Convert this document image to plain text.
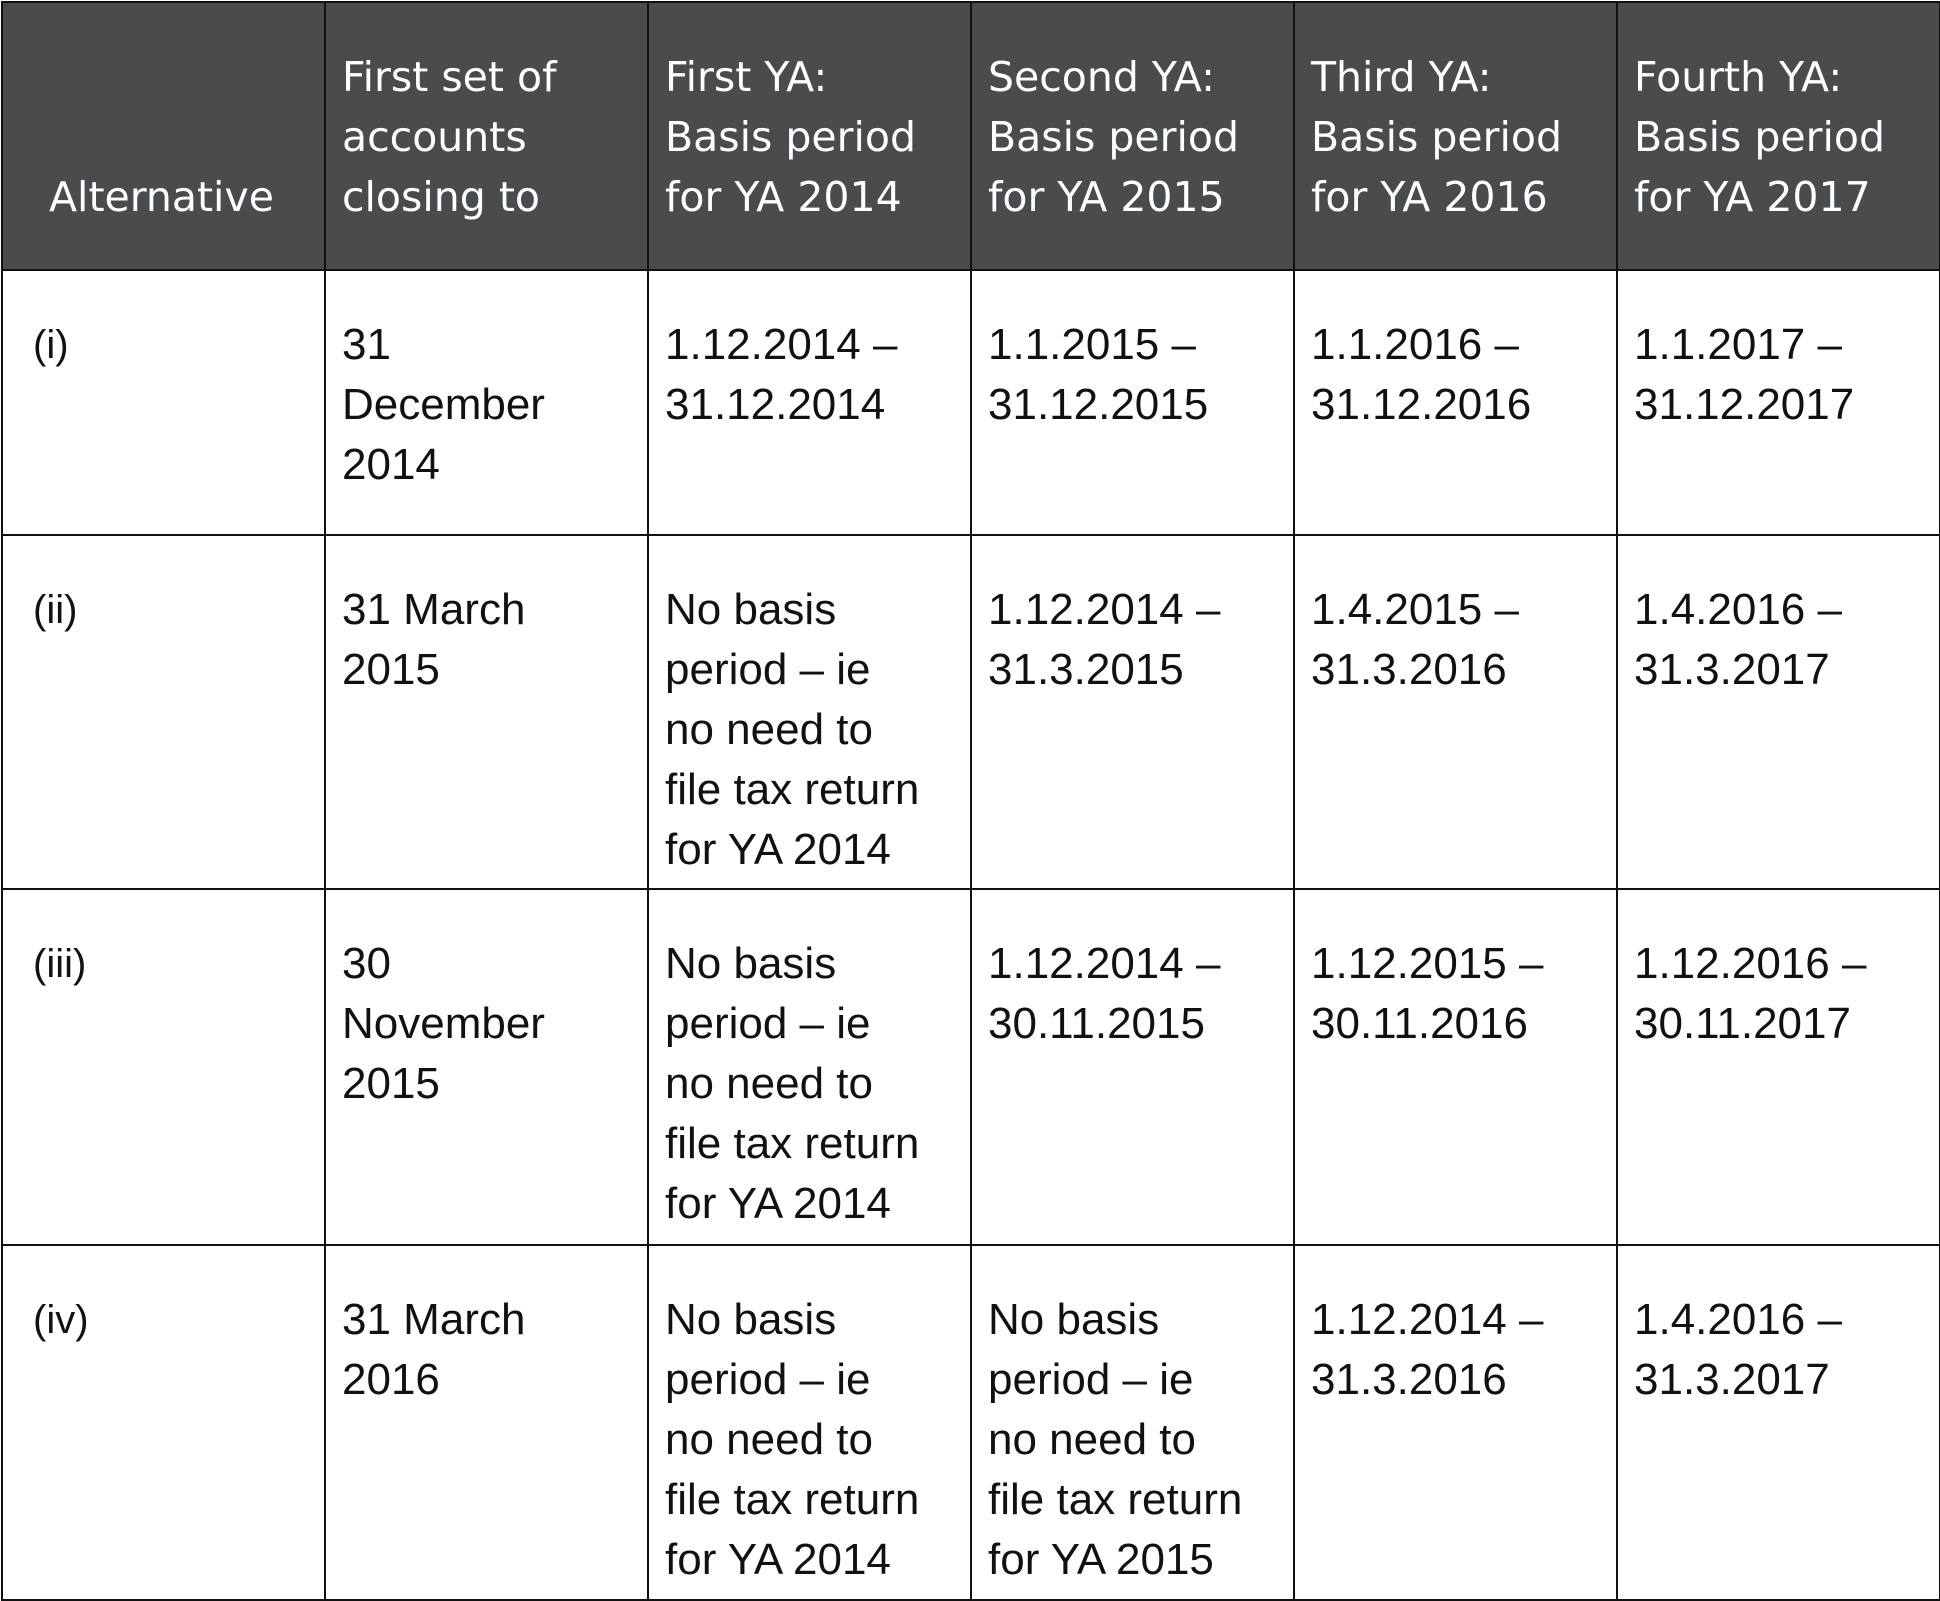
Alternative	First set of
accounts
closing to	First YA:
Basis period
for YA 2014	Second YA:
Basis period
for YA 2015	Third YA:
Basis period
for YA 2016	Fourth YA:
Basis period
for YA 2017

(i)	31
December
2014	1.12.2014 –
31.12.2014	1.1.2015 –
31.12.2015	1.1.2016 –
31.12.2016	1.1.2017 –
31.12.2017

(ii)	31 March
2015	No basis
period – ie
no need to
file tax return
for YA 2014	1.12.2014 –
31.3.2015	1.4.2015 –
31.3.2016	1.4.2016 –
31.3.2017

(iii)	30
November
2015	No basis
period – ie
no need to
file tax return
for YA 2014	1.12.2014 –
30.11.2015	1.12.2015 –
30.11.2016	1.12.2016 –
30.11.2017

(iv)	31 March
2016	No basis
period – ie
no need to
file tax return
for YA 2014	No basis
period – ie
no need to
file tax return
for YA 2015	1.12.2014 –
31.3.2016	1.4.2016 –
31.3.2017
